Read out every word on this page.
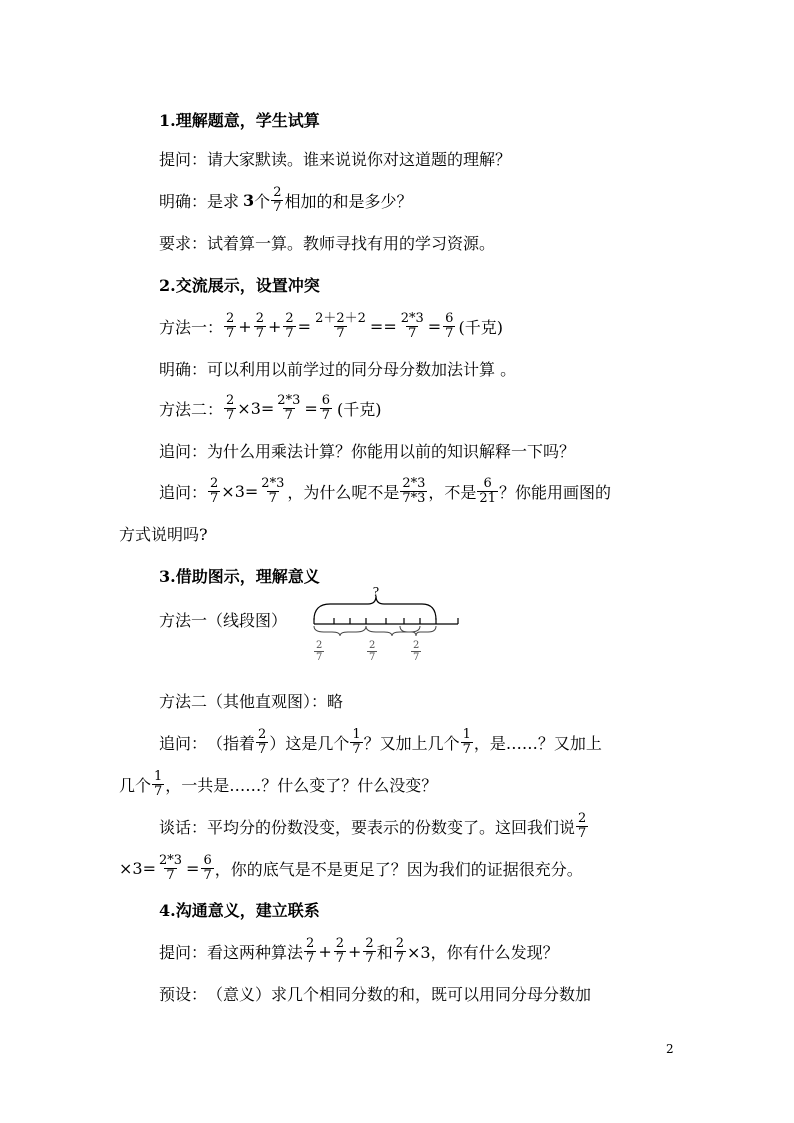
1.理解题意，学生试算
提问： 请大家默读。谁来说说你对这道题的理解？
明确： 是求 3 个 $\frac{2}{7}$ 相加的和是多少？
要求： 试着算一算。教师寻找有用的学习资源。
2.交流展示，设置冲突
方法一： $\frac{2}{7} + \frac{2}{7} + \frac{2}{7} = \frac{2+2+2}{7} == \frac{2*3}{7} = \frac{6}{7}$ (千克)
明确： 可以利用以前学过的同分母分数加法计算 。
方法二： $\frac{2}{7} \times 3= \frac{2*3}{7} = \frac{6}{7}$ (千克)
追问： 为什么用乘法计算？你能用以前的知识解释一下吗？
追问： $\frac{2}{7} \times 3= \frac{2*3}{7}$ ，为什么呢不是 $\frac{2*3}{7*3}$ ，不是 $\frac{6}{21}$ ？你能用画图的
方式说明吗?
3.借助图示，理解意义
方法一（线段图）
?
$\frac{2}{7}$	$\frac{2}{7}$	$\frac{2}{7}$
方法二（其他直观图）：略
追问： （指着 $\frac{2}{7}$ ）这是几个 $\frac{1}{7}$ ？又加上几个 $\frac{1}{7}$ ，是……？又加上
几个 $\frac{1}{7}$ ，一共是……？什么变了？什么没变？
谈话： 平均分的份数没变，要表示的份数变了。这回我们说 $\frac{2}{7}$
$\times 3= \frac{2*3}{7} = \frac{6}{7}$ ，你的底气是不是更足了？因为我们的证据很充分。
4.沟通意义，建立联系
提问： 看这两种算法 $\frac{2}{7} + \frac{2}{7} + \frac{2}{7}$ 和 $\frac{2}{7} \times 3$，你有什么发现？
预设： （意义）求几个相同分数的和，既可以用同分母分数加
2
